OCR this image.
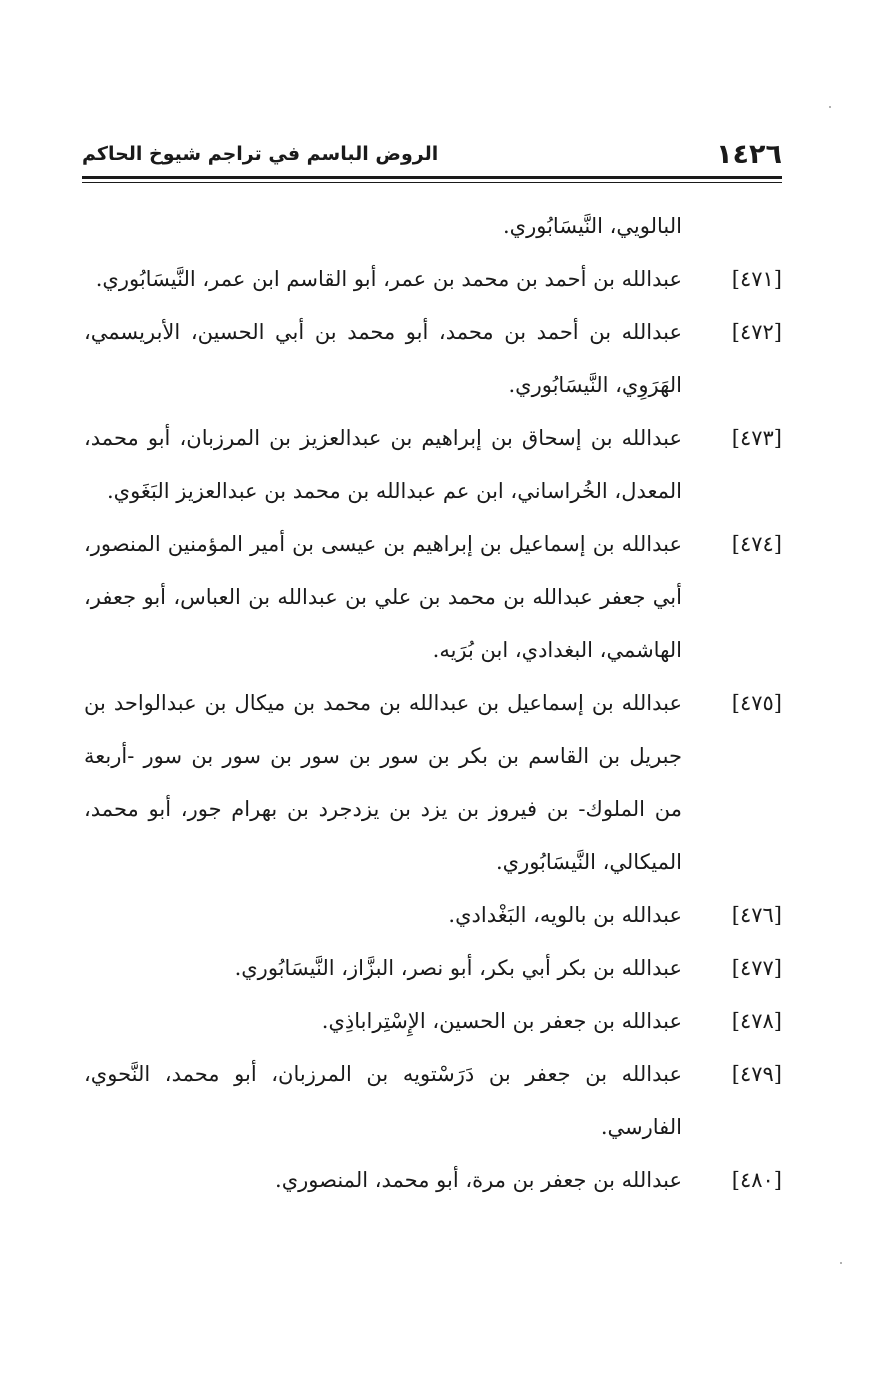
١٤٢٦
الروض الباسم في تراجم شيوخ الحاكم

البالويي، النَّيسَابُوري.

[٤٧١]
عبدالله بن أحمد بن محمد بن عمر، أبو القاسم ابن عمر، النَّيسَابُوري.
[٤٧٢]
عبدالله بن أحمد بن محمد، أبو محمد بن أبي الحسين، الأبريسمي، الهَرَوِي، النَّيسَابُوري.
[٤٧٣]
عبدالله بن إسحاق بن إبراهيم بن عبدالعزيز بن المرزبان، أبو محمد، المعدل، الخُراساني، ابن عم عبدالله بن محمد بن عبدالعزيز البَغَوي.
[٤٧٤]
عبدالله بن إسماعيل بن إبراهيم بن عيسى بن أمير المؤمنين المنصور، أبي جعفر عبدالله بن محمد بن علي بن عبدالله بن العباس، أبو جعفر، الهاشمي، البغدادي، ابن بُرَيه.
[٤٧٥]
عبدالله بن إسماعيل بن عبدالله بن محمد بن ميكال بن عبدالواحد بن جبريل بن القاسم بن بكر بن سور بن سور بن سور بن سور -أربعة من الملوك- بن فيروز بن يزد بن يزدجرد بن بهرام جور، أبو محمد، الميكالي، النَّيسَابُوري.
[٤٧٦]
عبدالله بن بالويه، البَغْدادي.
[٤٧٧]
عبدالله بن بكر أبي بكر، أبو نصر، البزَّاز، النَّيسَابُوري.
[٤٧٨]
عبدالله بن جعفر بن الحسين، الإِسْتِراباذِي.
[٤٧٩]
عبدالله بن جعفر بن دَرَسْتويه بن المرزبان، أبو محمد، النَّحوي، الفارسي.
[٤٨٠]
عبدالله بن جعفر بن مرة، أبو محمد، المنصوري.
